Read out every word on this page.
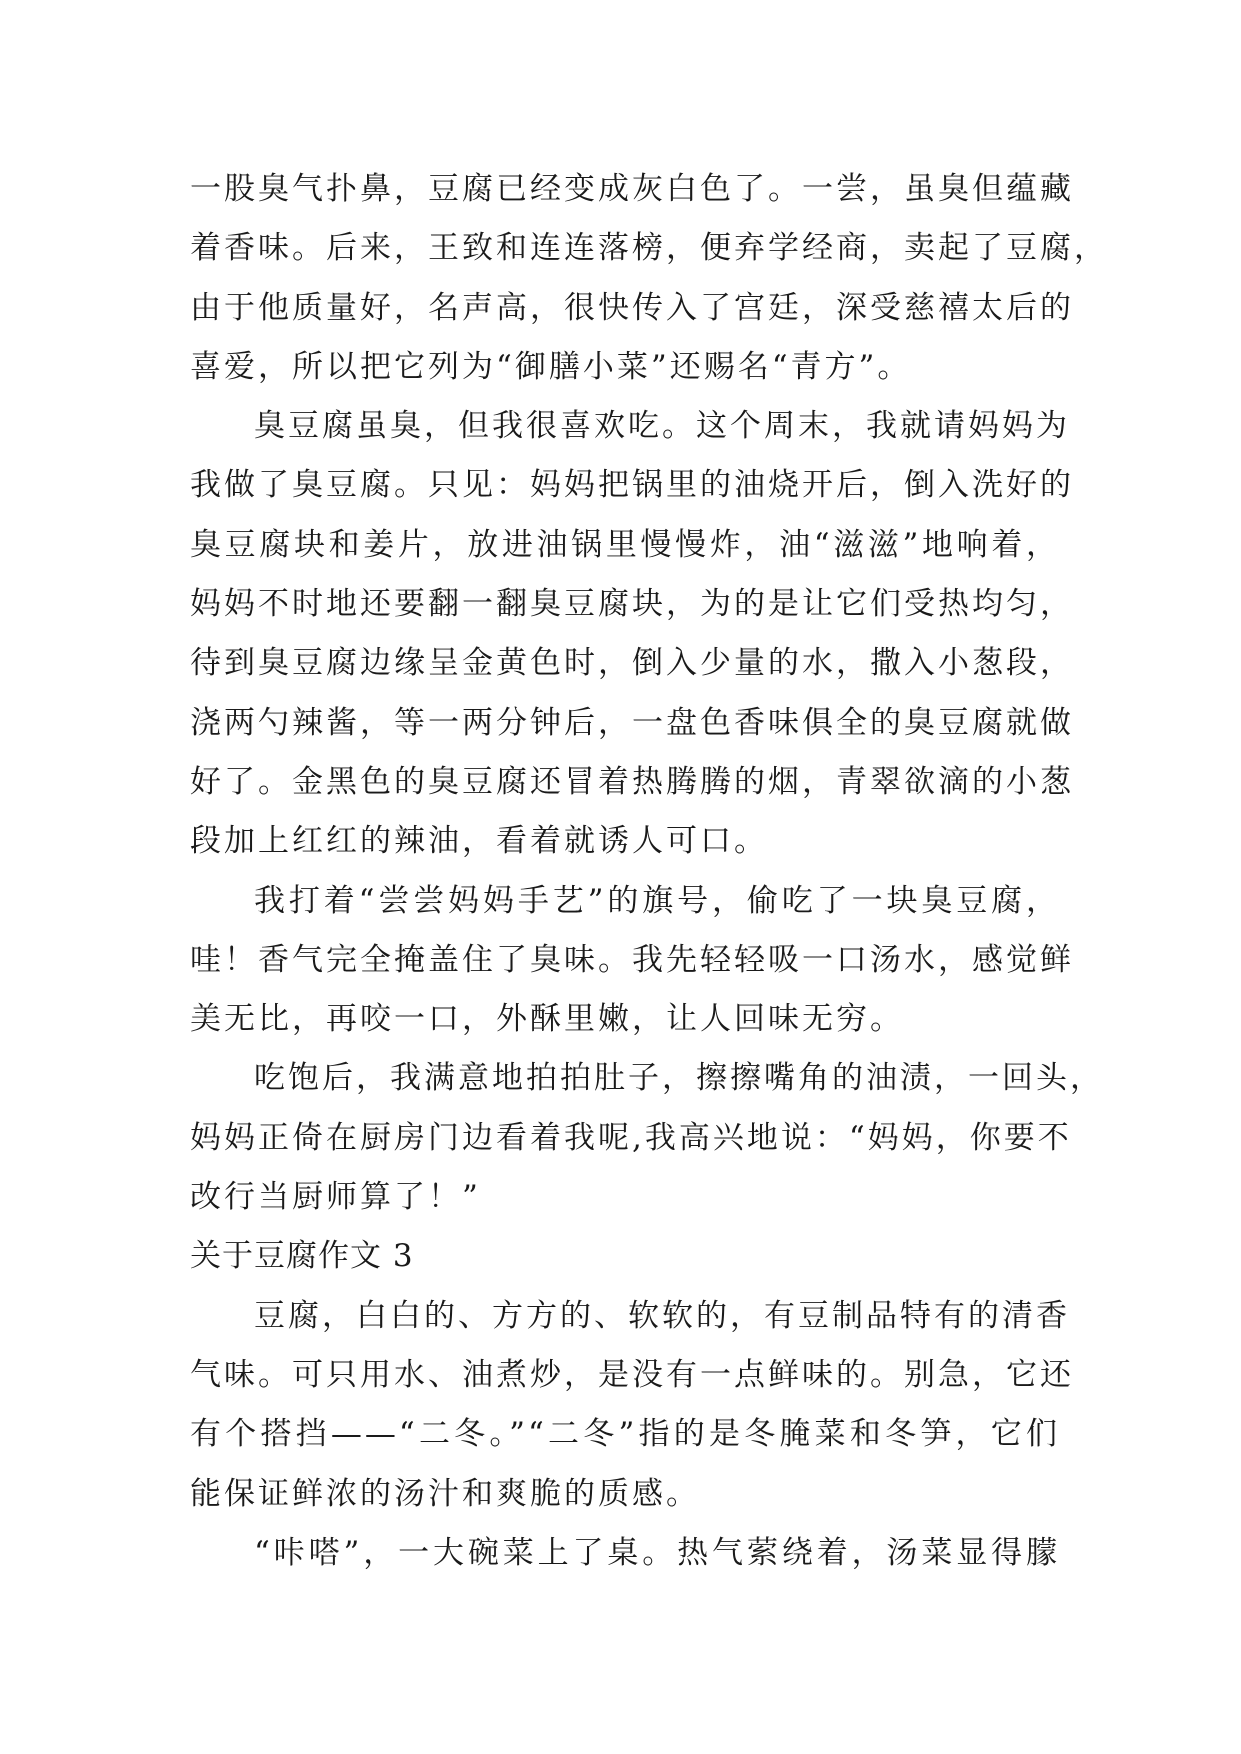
一股臭气扑鼻，豆腐已经变成灰白色了。一尝，虽臭但蕴藏
着香味。后来，王致和连连落榜，便弃学经商，卖起了豆腐，
由于他质量好，名声高，很快传入了宫廷，深受慈禧太后的
喜爱，所以把它列为“御膳小菜”还赐名“青方”。
臭豆腐虽臭，但我很喜欢吃。这个周末，我就请妈妈为
我做了臭豆腐。只见：妈妈把锅里的油烧开后，倒入洗好的
臭豆腐块和姜片，放进油锅里慢慢炸，油“滋滋”地响着，
妈妈不时地还要翻一翻臭豆腐块，为的是让它们受热均匀，
待到臭豆腐边缘呈金黄色时，倒入少量的水，撒入小葱段，
浇两勺辣酱，等一两分钟后，一盘色香味俱全的臭豆腐就做
好了。金黑色的臭豆腐还冒着热腾腾的烟，青翠欲滴的小葱
段加上红红的辣油，看着就诱人可口。
我打着“尝尝妈妈手艺”的旗号，偷吃了一块臭豆腐，
哇！香气完全掩盖住了臭味。我先轻轻吸一口汤水，感觉鲜
美无比，再咬一口，外酥里嫩，让人回味无穷。
吃饱后，我满意地拍拍肚子，擦擦嘴角的油渍，一回头，
妈妈正倚在厨房门边看着我呢,我高兴地说：“妈妈，你要不
改行当厨师算了！”
关于豆腐作文 3
豆腐，白白的、方方的、软软的，有豆制品特有的清香
气味。可只用水、油煮炒，是没有一点鲜味的。别急，它还
有个搭挡——“二冬。”“二冬”指的是冬腌菜和冬笋，它们
能保证鲜浓的汤汁和爽脆的质感。
“咔嗒”，一大碗菜上了桌。热气萦绕着，汤菜显得朦
